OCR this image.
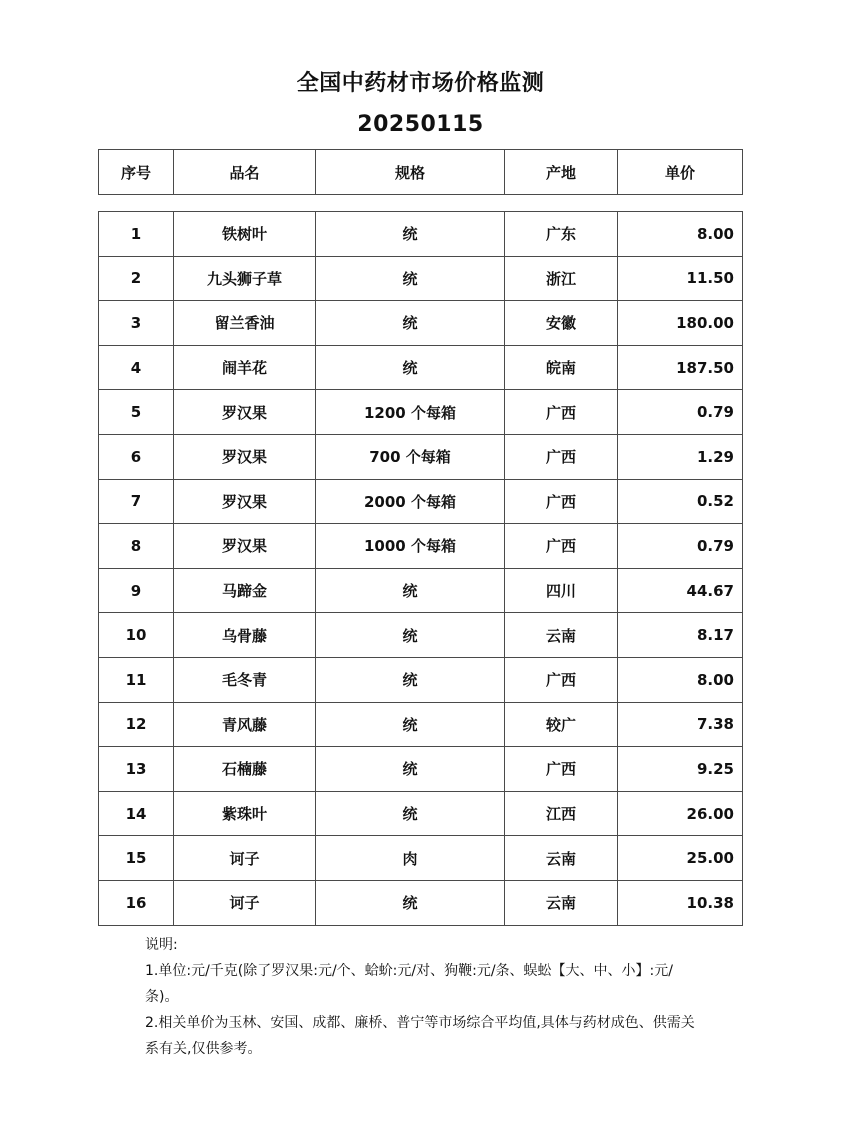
全国中药材市场价格监测
20250115
序号	品名	规格	产地	单价
1	铁树叶	统	广东	8.00
2	九头狮子草	统	浙江	11.50
3	留兰香油	统	安徽	180.00
4	闹羊花	统	皖南	187.50
5	罗汉果	1200 个每箱	广西	0.79
6	罗汉果	700 个每箱	广西	1.29
7	罗汉果	2000 个每箱	广西	0.52
8	罗汉果	1000 个每箱	广西	0.79
9	马蹄金	统	四川	44.67
10	乌骨藤	统	云南	8.17
11	毛冬青	统	广西	8.00
12	青风藤	统	较广	7.38
13	石楠藤	统	广西	9.25
14	紫珠叶	统	江西	26.00
15	诃子	肉	云南	25.00
16	诃子	统	云南	10.38

说明:

1.单位:元/千克(除了罗汉果:元/个、蛤蚧:元/对、狗鞭:元/条、蜈蚣【大、中、小】:元/条)。

2.相关单价为玉林、安国、成都、廉桥、普宁等市场综合平均值,具体与药材成色、供需关系有关,仅供参考。
